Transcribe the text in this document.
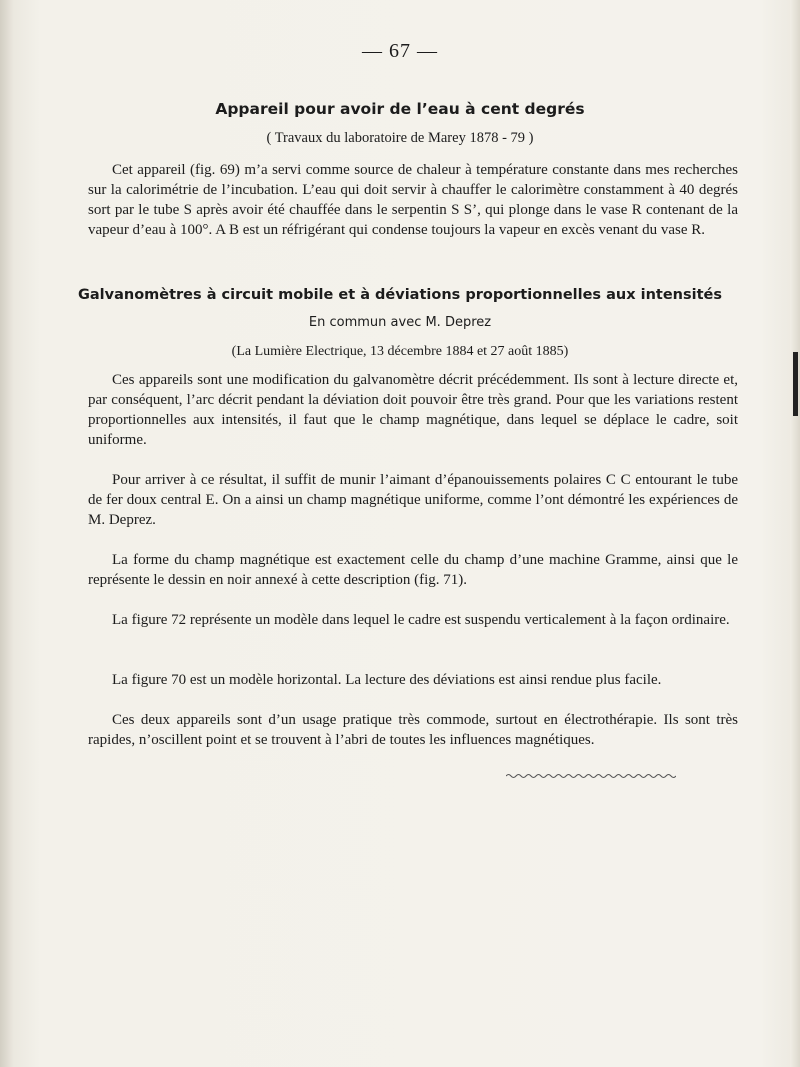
— 67 —
Appareil pour avoir de l’eau à cent degrés
( Travaux du laboratoire de Marey 1878 - 79 )

Cet appareil (fig. 69) m’a servi comme source de chaleur à température constante dans mes recherches sur la calorimétrie de l’incubation. L’eau qui doit servir à chauffer le calorimètre constamment à 40 degrés sort par le tube S après avoir été chauffée dans le serpentin S S’, qui plonge dans le vase R contenant de la vapeur d’eau à 100°. A B est un réfrigérant qui condense toujours la vapeur en excès venant du vase R.

Galvanomètres à circuit mobile et à déviations proportionnelles aux intensités
En commun avec M. Deprez
(La Lumière Electrique, 13 décembre 1884 et 27 août 1885)

Ces appareils sont une modification du galvanomètre décrit précédemment. Ils sont à lecture directe et, par conséquent, l’arc décrit pendant la déviation doit pouvoir être très grand. Pour que les variations restent proportionnelles aux intensités, il faut que le champ magnétique, dans lequel se déplace le cadre, soit uniforme.

Pour arriver à ce résultat, il suffit de munir l’aimant d’épanouissements polaires C C entourant le tube de fer doux central E. On a ainsi un champ magnétique uniforme, comme l’ont démontré les expériences de M. Deprez.

La forme du champ magnétique est exactement celle du champ d’une machine Gramme, ainsi que le représente le dessin en noir annexé à cette description (fig. 71).

La figure 72 représente un modèle dans lequel le cadre est suspendu verticalement à la façon ordinaire.

La figure 70 est un modèle horizontal. La lecture des déviations est ainsi rendue plus facile.

Ces deux appareils sont d’un usage pratique très commode, surtout en électrothérapie. Ils sont très rapides, n’oscillent point et se trouvent à l’abri de toutes les influences magnétiques.
